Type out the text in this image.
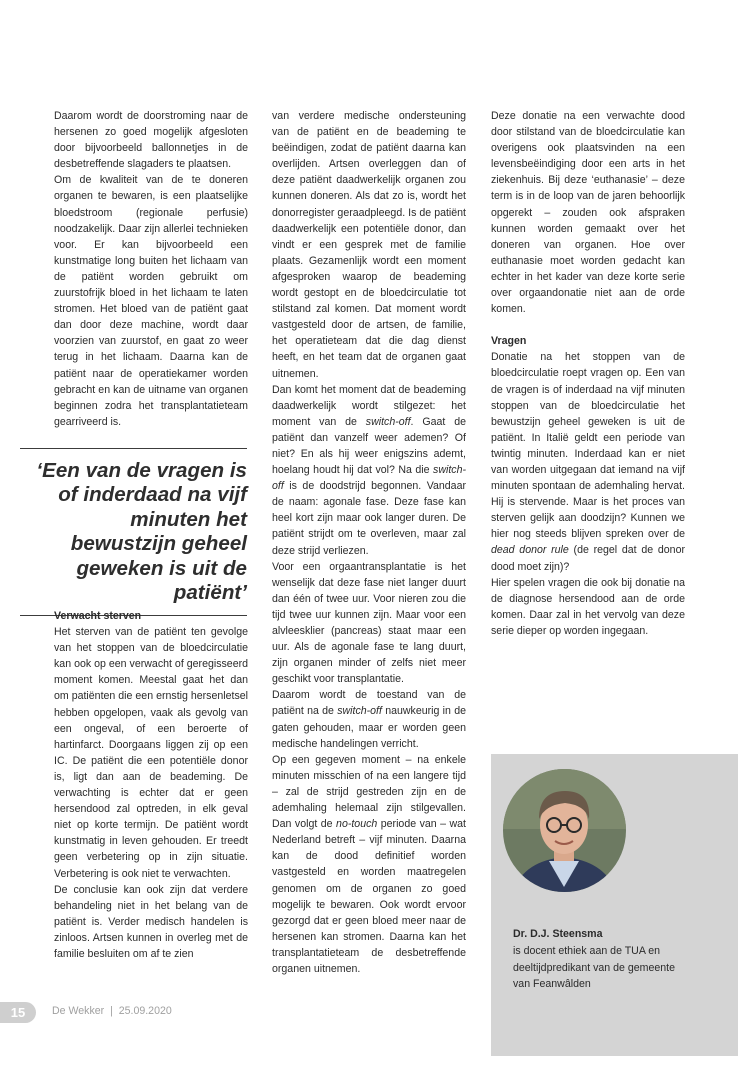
Daarom wordt de doorstroming naar de hersenen zo goed mogelijk afgesloten door bijvoorbeeld ballonnetjes in de desbetreffende slagaders te plaatsen.

Om de kwaliteit van de te doneren organen te bewaren, is een plaatselijke bloedstroom (regionale perfusie) noodzakelijk. Daar zijn allerlei technieken voor. Er kan bijvoorbeeld een kunstmatige long buiten het lichaam van de patiënt worden gebruikt om zuurstofrijk bloed in het lichaam te laten stromen. Het bloed van de patiënt gaat dan door deze machine, wordt daar voorzien van zuurstof, en gaat zo weer terug in het lichaam. Daarna kan de patiënt naar de operatiekamer worden gebracht en kan de uitname van organen beginnen zodra het transplantatieteam gearriveerd is.

‘Een van de vragen is of inderdaad na vijf minuten het bewustzijn geheel geweken is uit de patiënt’

Verwacht sterven

Het sterven van de patiënt ten gevolge van het stoppen van de bloedcirculatie kan ook op een verwacht of geregisseerd moment komen. Meestal gaat het dan om patiënten die een ernstig hersenletsel hebben opgelopen, vaak als gevolg van een ongeval, of een beroerte of hartinfarct. Doorgaans liggen zij op een IC. De patiënt die een potentiële donor is, ligt dan aan de beademing. De verwachting is echter dat er geen hersendood zal optreden, in elk geval niet op korte termijn. De patiënt wordt kunstmatig in leven gehouden. Er treedt geen verbetering op in zijn situatie. Verbetering is ook niet te verwachten.

De conclusie kan ook zijn dat verdere behandeling niet in het belang van de patiënt is. Verder medisch handelen is zinloos. Artsen kunnen in overleg met de familie besluiten om af te zien

van verdere medische ondersteuning van de patiënt en de beademing te beëindigen, zodat de patiënt daarna kan overlijden. Artsen overleggen dan of deze patiënt daadwerkelijk organen zou kunnen doneren. Als dat zo is, wordt het donorregister geraadpleegd. Is de patiënt daadwerkelijk een potentiële donor, dan vindt er een gesprek met de familie plaats. Gezamenlijk wordt een moment afgesproken waarop de beademing wordt gestopt en de bloedcirculatie tot stilstand zal komen. Dat moment wordt vastgesteld door de artsen, de familie, het operatieteam dat die dag dienst heeft, en het team dat de organen gaat uitnemen.

Dan komt het moment dat de beademing daadwerkelijk wordt stilgezet: het moment van de switch-off. Gaat de patiënt dan vanzelf weer ademen? Of niet? En als hij weer enigszins ademt, hoelang houdt hij dat vol? Na die switch-off is de doodstrijd begonnen. Vandaar de naam: agonale fase. Deze fase kan heel kort zijn maar ook langer duren. De patiënt strijdt om te overleven, maar zal deze strijd verliezen.

Voor een orgaantransplantatie is het wenselijk dat deze fase niet langer duurt dan één of twee uur. Voor nieren zou die tijd twee uur kunnen zijn. Maar voor een alvleesklier (pancreas) staat maar een uur. Als de agonale fase te lang duurt, zijn organen minder of zelfs niet meer geschikt voor transplantatie.

Daarom wordt de toestand van de patiënt na de switch-off nauwkeurig in de gaten gehouden, maar er worden geen medische handelingen verricht.

Op een gegeven moment – na enkele minuten misschien of na een langere tijd – zal de strijd gestreden zijn en de ademhaling helemaal zijn stilgevallen. Dan volgt de no-touch periode van – wat Nederland betreft – vijf minuten. Daarna kan de dood definitief worden vastgesteld en worden maatregelen genomen om de organen zo goed mogelijk te bewaren. Ook wordt ervoor gezorgd dat er geen bloed meer naar de hersenen kan stromen. Daarna kan het transplantatieteam de desbetreffende organen uitnemen.

Deze donatie na een verwachte dood door stilstand van de bloedcirculatie kan overigens ook plaatsvinden na een levensbeëindiging door een arts in het ziekenhuis. Bij deze ‘euthanasie’ – deze term is in de loop van de jaren behoorlijk opgerekt – zouden ook afspraken kunnen worden gemaakt over het doneren van organen. Hoe over euthanasie moet worden gedacht kan echter in het kader van deze korte serie over orgaandonatie niet aan de orde komen.

Vragen

Donatie na het stoppen van de bloedcirculatie roept vragen op. Een van de vragen is of inderdaad na vijf minuten stoppen van de bloedcirculatie het bewustzijn geheel geweken is uit de patiënt. In Italië geldt een periode van twintig minuten. Inderdaad kan er niet van worden uitgegaan dat iemand na vijf minuten spontaan de ademhaling hervat. Hij is stervende. Maar is het proces van sterven gelijk aan doodzijn? Kunnen we hier nog steeds blijven spreken over de dead donor rule (de regel dat de donor dood moet zijn)?

Hier spelen vragen die ook bij donatie na de diagnose hersendood aan de orde komen. Daar zal in het vervolg van deze serie dieper op worden ingegaan.

Dr. D.J. Steensma
is docent ethiek aan de TUA en
deeltijdpredikant van de gemeente
van Feanwâlden
15	De Wekker  |  25.09.2020
